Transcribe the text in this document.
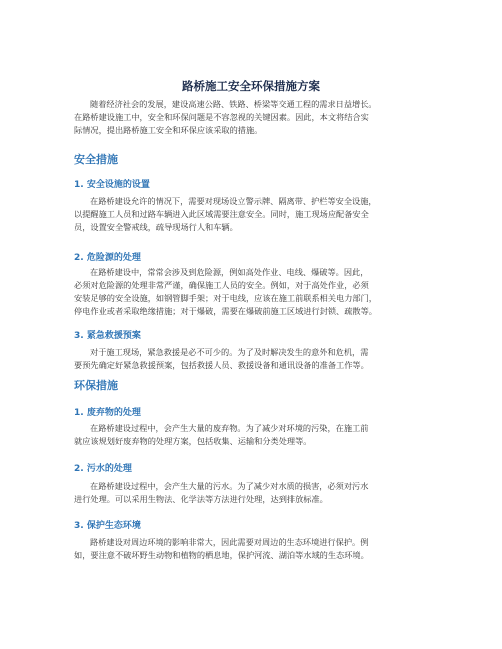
路桥施工安全环保措施方案

随着经济社会的发展，建设高速公路、铁路、桥梁等交通工程的需求日益增长。
在路桥建设施工中，安全和环保问题是不容忽视的关键因素。因此，本文将结合实
际情况，提出路桥施工安全和环保应该采取的措施。

安全措施
1. 安全设施的设置

在路桥建设允许的情况下，需要对现场设立警示牌、隔离带、护栏等安全设施，
以提醒施工人员和过路车辆进入此区域需要注意安全。同时，施工现场应配备安全
员，设置安全警戒线，疏导现场行人和车辆。

2. 危险源的处理

在路桥建设中，常常会涉及到危险源，例如高处作业、电线、爆破等。因此，
必须对危险源的处理非常严谨，确保施工人员的安全。例如，对于高处作业，必须
安装足够的安全设施，如钢管脚手架；对于电线，应该在施工前联系相关电力部门，
停电作业或者采取绝缘措施；对于爆破，需要在爆破前施工区域进行封锁、疏散等。

3. 紧急救援预案

对于施工现场，紧急救援是必不可少的。为了及时解决发生的意外和危机，需
要预先确定好紧急救援预案，包括救援人员、救援设备和通讯设备的准备工作等。

环保措施
1. 废弃物的处理

在路桥建设过程中，会产生大量的废弃物。为了减少对环境的污染，在施工前
就应该规划好废弃物的处理方案，包括收集、运输和分类处理等。

2. 污水的处理

在路桥建设过程中，会产生大量的污水。为了减少对水质的损害，必须对污水
进行处理。可以采用生物法、化学法等方法进行处理，达到排放标准。

3. 保护生态环境

路桥建设对周边环境的影响非常大，因此需要对周边的生态环境进行保护。例
如，要注意不破坏野生动物和植物的栖息地，保护河流、湖泊等水域的生态环境。
